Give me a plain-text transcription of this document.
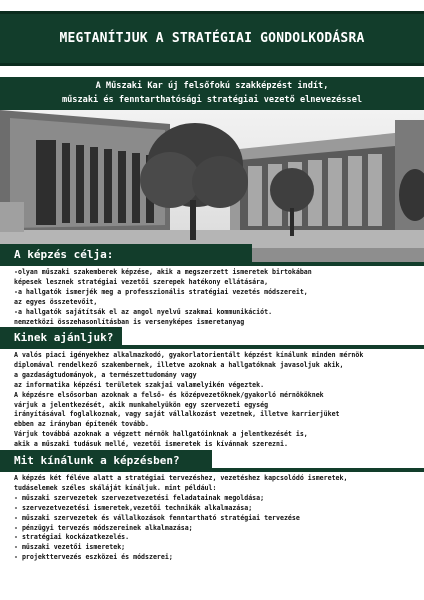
MEGTANÍTJUK A STRATÉGIAI GONDOLKODÁSRA
A Műszaki Kar új felsőfokú szakképzést indít,
műszaki és fenntarthatósági stratégiai vezető elnevezéssel
A képzés célja:
-olyan műszaki szakemberek képzése, akik a megszerzett ismeretek birtokában
képesek lesznek stratégiai vezetői szerepek hatékony ellátására,
-a hallgatók ismerjék meg a professzionális stratégiai vezetés módszereit,
az egyes összetevőit,
-a hallgatók sajátítsák el az angol nyelvű szakmai kommunikációt.
nemzetközi összehasonlításban is versenyképes ismeretanyag
Kinek ajánljuk?
A valós piaci igényekhez alkalmazkodó, gyakorlatorientált képzést kínálunk minden mérnök
diplomával rendelkező szakembernek, illetve azoknak a hallgatóknak javasoljuk akik,
a gazdaságtudományok, a természettudomány vagy
az informatika képzési területek szakjai valamelyikén végeztek.
A képzésre elsősorban azoknak a felső- és középvezetőknek/gyakorló mérnököknek
várjuk a jelentkezését, akik munkahelyükön egy szervezeti egység
irányításával foglalkoznak, vagy saját vállalkozást vezetnek, illetve karrierjüket
ebben az irányban építenék tovább.
Várjuk továbbá azoknak a végzett mérnök hallgatóinknak a jelentkezését is,
akik a műszaki tudásuk mellé, vezetői ismeretek is kívánnak szerezni.
Mit kínálunk a képzésben?
A képzés két féléve alatt a stratégiai tervezéshez, vezetéshez kapcsolódó ismeretek,
tudáselemek széles skáláját kínáljuk. mint például:
- műszaki szervezetek szervezetvezetési feladatainak megoldása;
- szervezetvezetési ismeretek,vezetői technikák alkalmazása;
- műszaki szervezetek és vállalkozások fenntartható stratégiai tervezése
- pénzügyi tervezés módszereinek alkalmazása;
- stratégiai kockázatkezelés.
- műszaki vezetői ismeretek;
- projekttervezés eszközei és módszerei;
